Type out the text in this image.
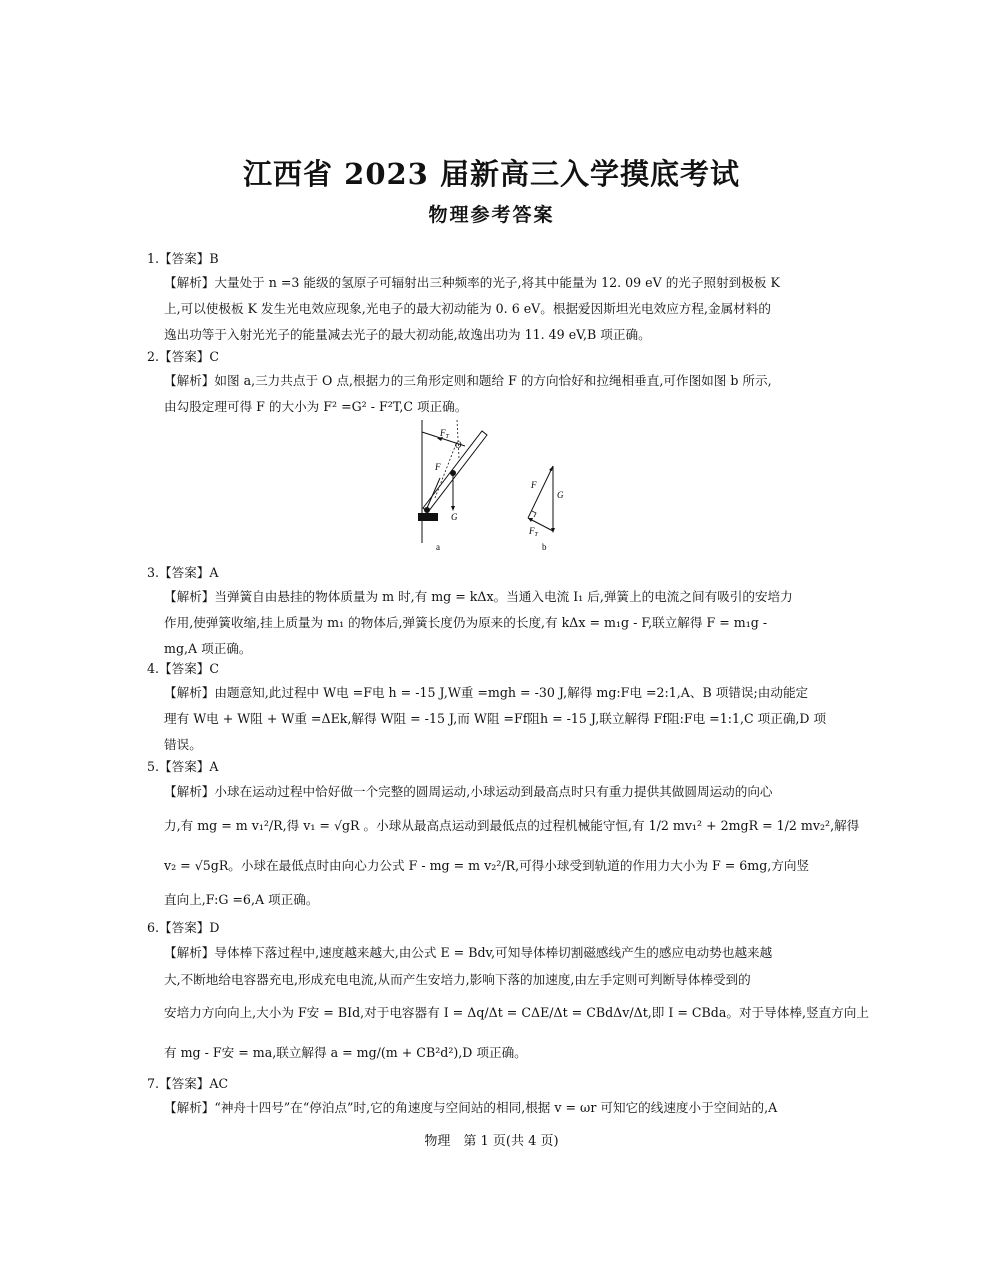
江西省 2023 届新高三入学摸底考试
物理参考答案
1.【答案】B
【解析】大量处于 n =3 能级的氢原子可辐射出三种频率的光子,将其中能量为 12. 09 eV 的光子照射到极板 K
上,可以使极板 K 发生光电效应现象,光电子的最大初动能为 0. 6 eV。根据爱因斯坦光电效应方程,金属材料的
逸出功等于入射光光子的能量减去光子的最大初动能,故逸出功为 11. 49 eV,B 项正确。
2.【答案】C
【解析】如图 a,三力共点于 O 点,根据力的三角形定则和题给 F 的方向恰好和拉绳相垂直,可作图如图 b 所示,
由勾股定理可得 F 的大小为 F² =G² - F²T,C 项正确。
$F_T$
O
F
G
a
F
G
$F_T$
b
3.【答案】A
【解析】当弹簧自由悬挂的物体质量为 m 时,有 mg = kΔx。当通入电流 I₁ 后,弹簧上的电流之间有吸引的安培力
作用,使弹簧收缩,挂上质量为 m₁ 的物体后,弹簧长度仍为原来的长度,有 kΔx = m₁g - F,联立解得 F = m₁g -
mg,A 项正确。
4.【答案】C
【解析】由题意知,此过程中 W电 =F电 h = -15 J,W重 =mgh = -30 J,解得 mg:F电 =2:1,A、B 项错误;由动能定
理有 W电 + W阻 + W重 =ΔEk,解得 W阻 = -15 J,而 W阻 =Ff阻h = -15 J,联立解得 Ff阻:F电 =1:1,C 项正确,D 项
错误。
5.【答案】A
【解析】小球在运动过程中恰好做一个完整的圆周运动,小球运动到最高点时只有重力提供其做圆周运动的向心
力,有 mg = m v₁²/R,得 v₁ = √gR 。小球从最高点运动到最低点的过程机械能守恒,有 1/2 mv₁² + 2mgR = 1/2 mv₂²,解得
v₂ = √5gR。小球在最低点时由向心力公式 F - mg = m v₂²/R,可得小球受到轨道的作用力大小为 F = 6mg,方向竖
直向上,F:G =6,A 项正确。
6.【答案】D
【解析】导体棒下落过程中,速度越来越大,由公式 E = Bdv,可知导体棒切割磁感线产生的感应电动势也越来越
大,不断地给电容器充电,形成充电电流,从而产生安培力,影响下落的加速度,由左手定则可判断导体棒受到的
安培力方向向上,大小为 F安 = BId,对于电容器有 I = Δq/Δt = CΔE/Δt = CBdΔv/Δt,即 I = CBda。对于导体棒,竖直方向上
有 mg - F安 = ma,联立解得 a = mg/(m + CB²d²),D 项正确。
7.【答案】AC
【解析】“神舟十四号”在“停泊点”时,它的角速度与空间站的相同,根据 v = ωr 可知它的线速度小于空间站的,A
物理　第 1 页(共 4 页)
